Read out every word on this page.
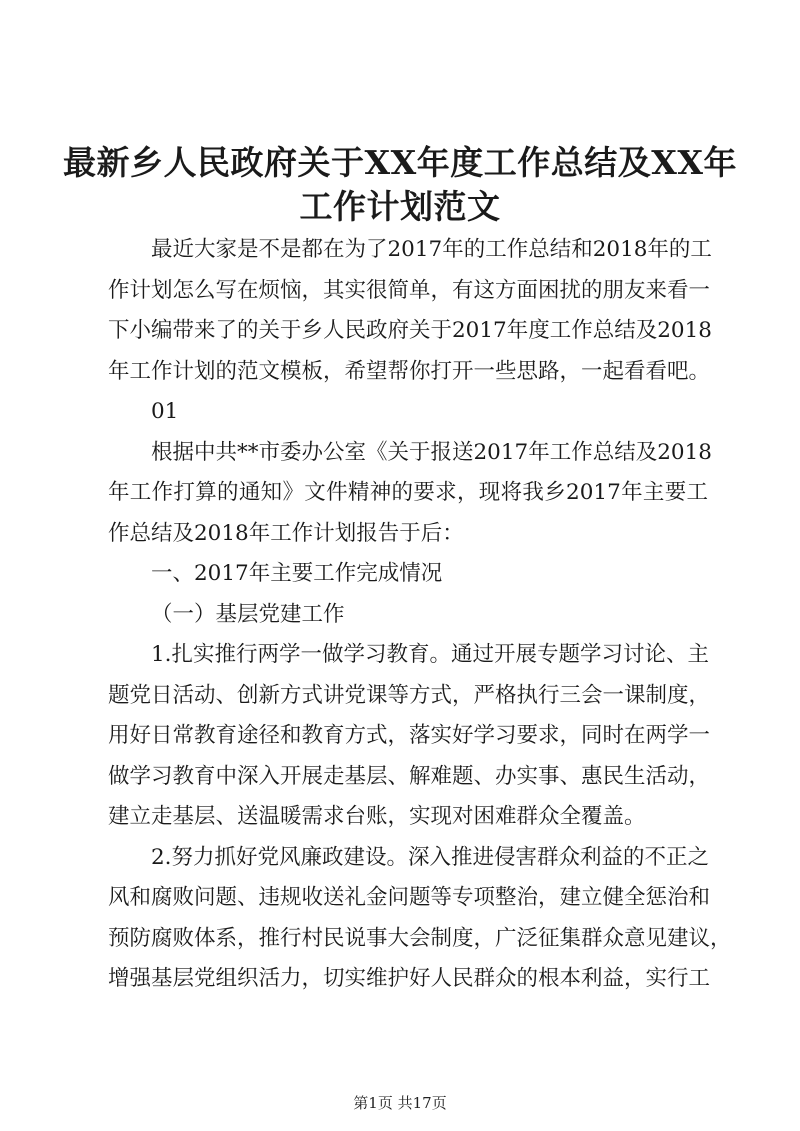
最新乡人民政府关于XX年度工作总结及XX年
工作计划范文

最近大家是不是都在为了2017年的工作总结和2018年的工
作计划怎么写在烦恼，其实很简单，有这方面困扰的朋友来看一
下小编带来了的关于乡人民政府关于2017年度工作总结及2018
年工作计划的范文模板，希望帮你打开一些思路，一起看看吧。

01

根据中共**市委办公室《关于报送2017年工作总结及2018
年工作打算的通知》文件精神的要求，现将我乡2017年主要工
作总结及2018年工作计划报告于后：

一、2017年主要工作完成情况

（一）基层党建工作

1.扎实推行两学一做学习教育。通过开展专题学习讨论、主
题党日活动、创新方式讲党课等方式，严格执行三会一课制度，
用好日常教育途径和教育方式，落实好学习要求，同时在两学一
做学习教育中深入开展走基层、解难题、办实事、惠民生活动，
建立走基层、送温暖需求台账，实现对困难群众全覆盖。

2.努力抓好党风廉政建设。深入推进侵害群众利益的不正之
风和腐败问题、违规收送礼金问题等专项整治，建立健全惩治和
预防腐败体系，推行村民说事大会制度，广泛征集群众意见建议，
增强基层党组织活力，切实维护好人民群众的根本利益，实行工

第1页 共17页
